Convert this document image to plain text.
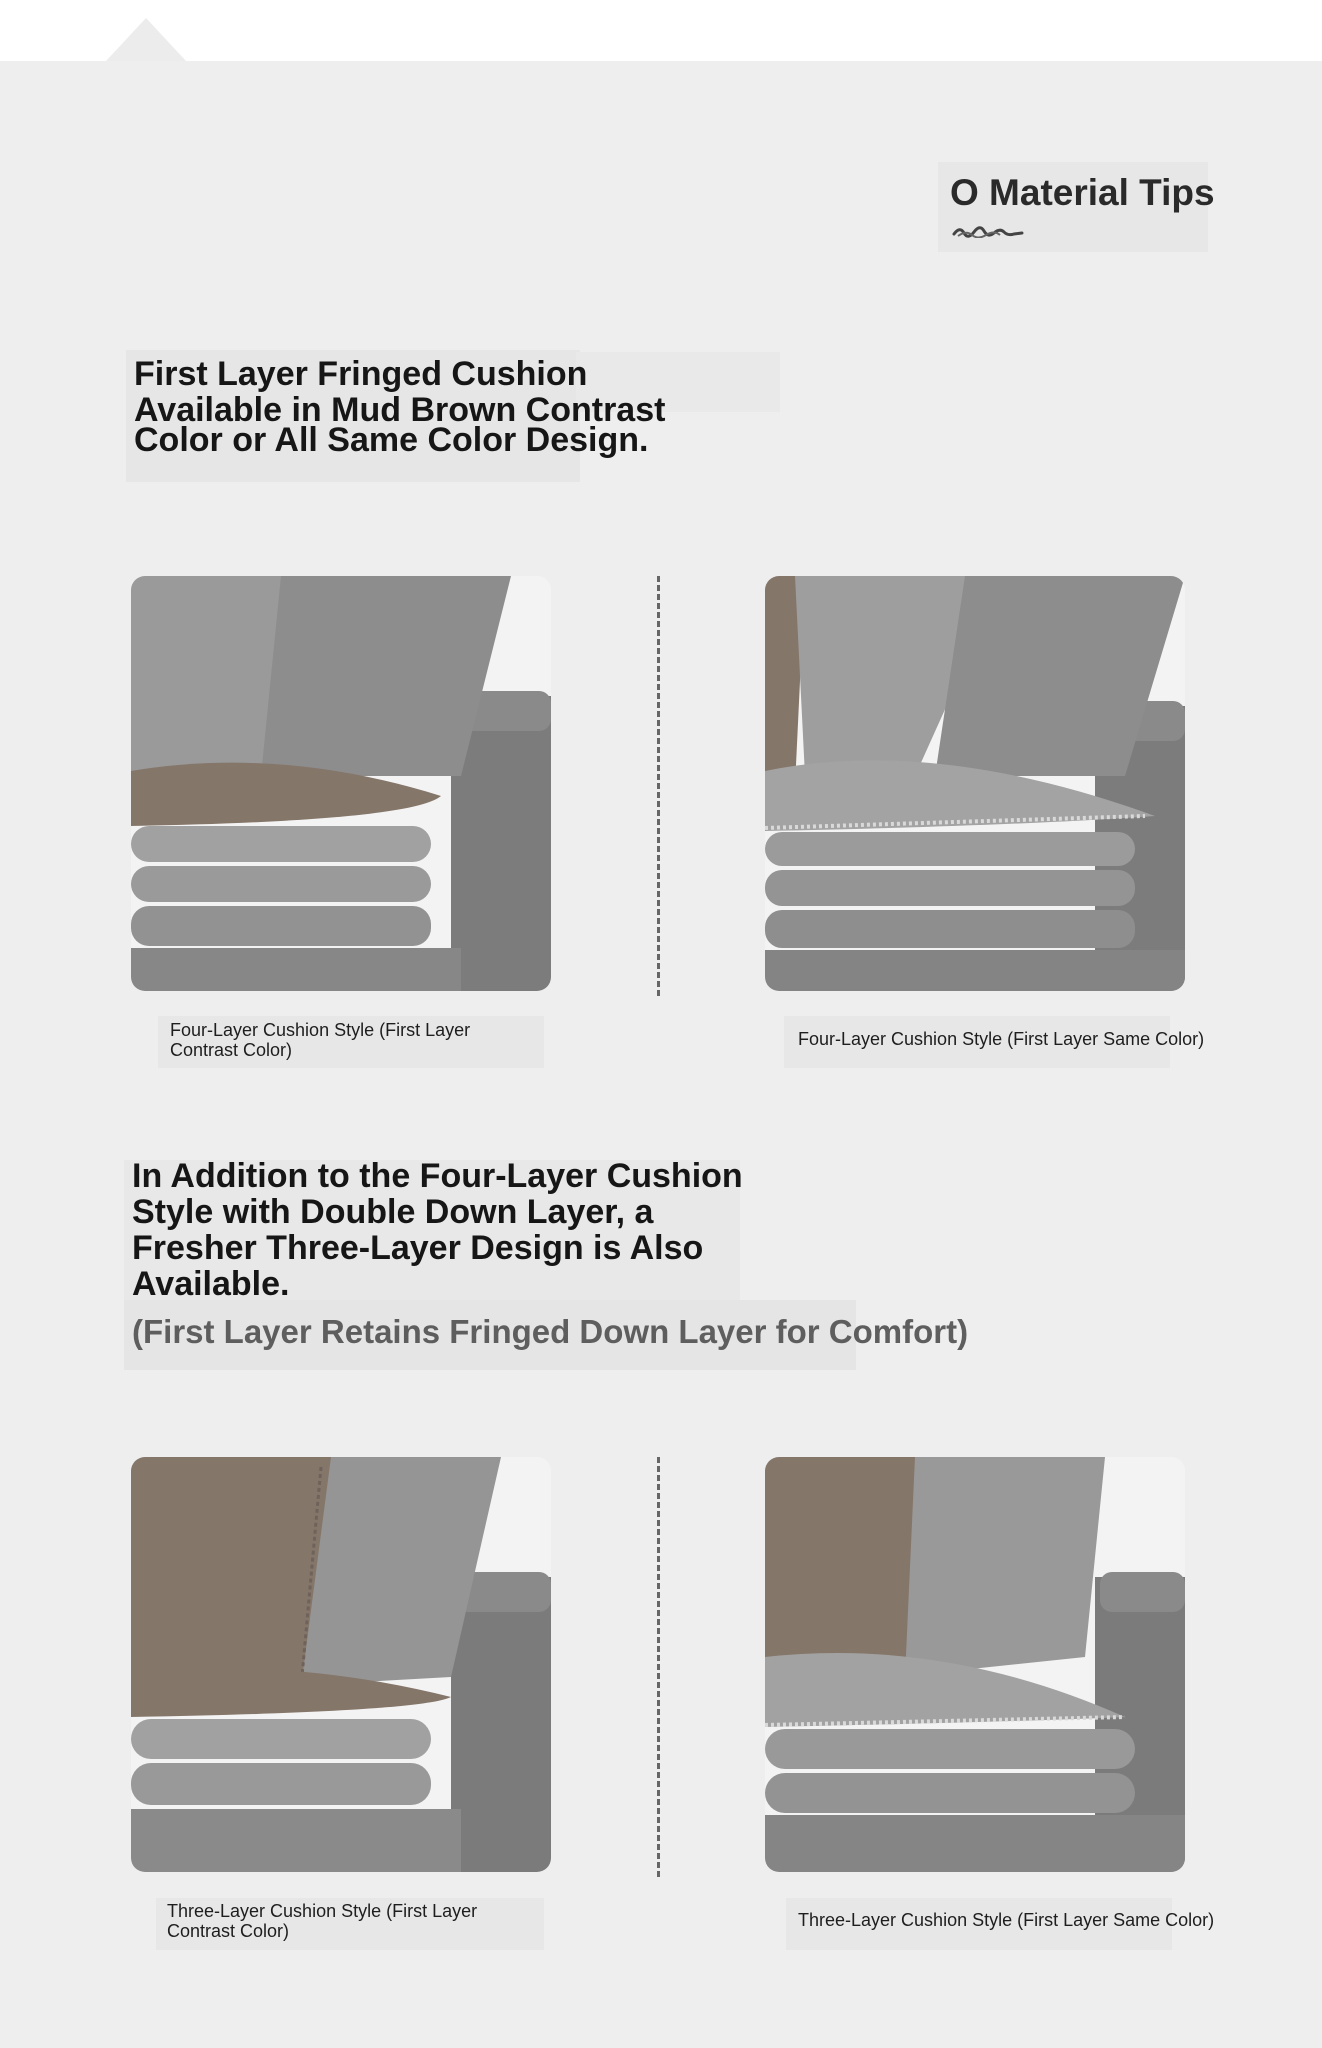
O Material Tips
First Layer Fringed Cushion
Available in Mud Brown Contrast
Color or All Same Color Design.
Four-Layer Cushion Style (First Layer Contrast Color)
Four-Layer Cushion Style (First Layer Same Color)
In Addition to the Four-Layer Cushion
Style with Double Down Layer, a
Fresher Three-Layer Design is Also
Available.
(First Layer Retains Fringed Down Layer for Comfort)
Three-Layer Cushion Style (First Layer Contrast Color)
Three-Layer Cushion Style (First Layer Same Color)
